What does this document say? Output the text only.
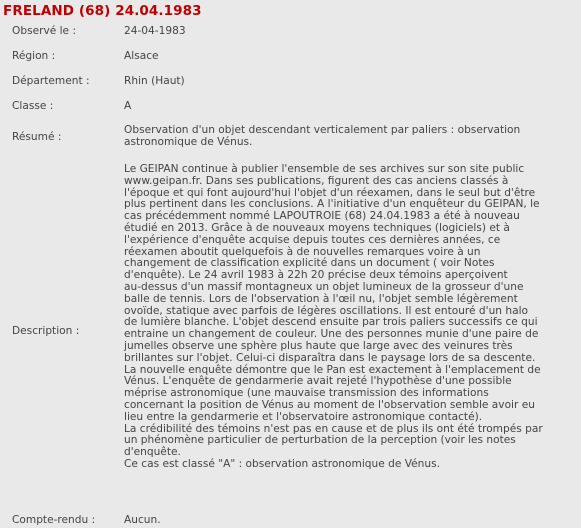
FRELAND (68) 24.04.1983
Observé le :	24-04-1983
Région :	Alsace
Département :	Rhin (Haut)
Classe :	A
Résumé :
Observation d'un objet descendant verticalement par paliers : observation
astronomique de Vénus.
Description :
Le GEIPAN continue à publier l'ensemble de ses archives sur son site public
www.geipan.fr. Dans ses publications, figurent des cas anciens classés à
l'époque et qui font aujourd'hui l'objet d'un réexamen, dans le seul but d'être
plus pertinent dans les conclusions. A l'initiative d'un enquêteur du GEIPAN, le
cas précédemment nommé LAPOUTROIE (68) 24.04.1983 a été à nouveau
étudié en 2013. Grâce à de nouveaux moyens techniques (logiciels) et à
l'expérience d'enquête acquise depuis toutes ces dernières années, ce
réexamen aboutit quelquefois à de nouvelles remarques voire à un
changement de classification explicité dans un document ( voir Notes
d'enquête). Le 24 avril 1983 à 22h 20 précise deux témoins aperçoivent
au-dessus d'un massif montagneux un objet lumineux de la grosseur d'une
balle de tennis. Lors de l'observation à l'œil nu, l'objet semble légèrement
ovoïde, statique avec parfois de légères oscillations. Il est entouré d'un halo
de lumière blanche. L'objet descend ensuite par trois paliers successifs ce qui
entraine un changement de couleur. Une des personnes munie d'une paire de
jumelles observe une sphère plus haute que large avec des veinures très
brillantes sur l'objet. Celui-ci disparaîtra dans le paysage lors de sa descente.
La nouvelle enquête démontre que le Pan est exactement à l'emplacement de
Vénus. L'enquête de gendarmerie avait rejeté l'hypothèse d'une possible
méprise astronomique (une mauvaise transmission des informations
concernant la position de Vénus au moment de l'observation semble avoir eu
lieu entre la gendarmerie et l'observatoire astronomique contacté).
La crédibilité des témoins n'est pas en cause et de plus ils ont été trompés par
un phénomène particulier de perturbation de la perception (voir les notes
d'enquête.
Ce cas est classé "A" : observation astronomique de Vénus.
Compte-rendu :	Aucun.
